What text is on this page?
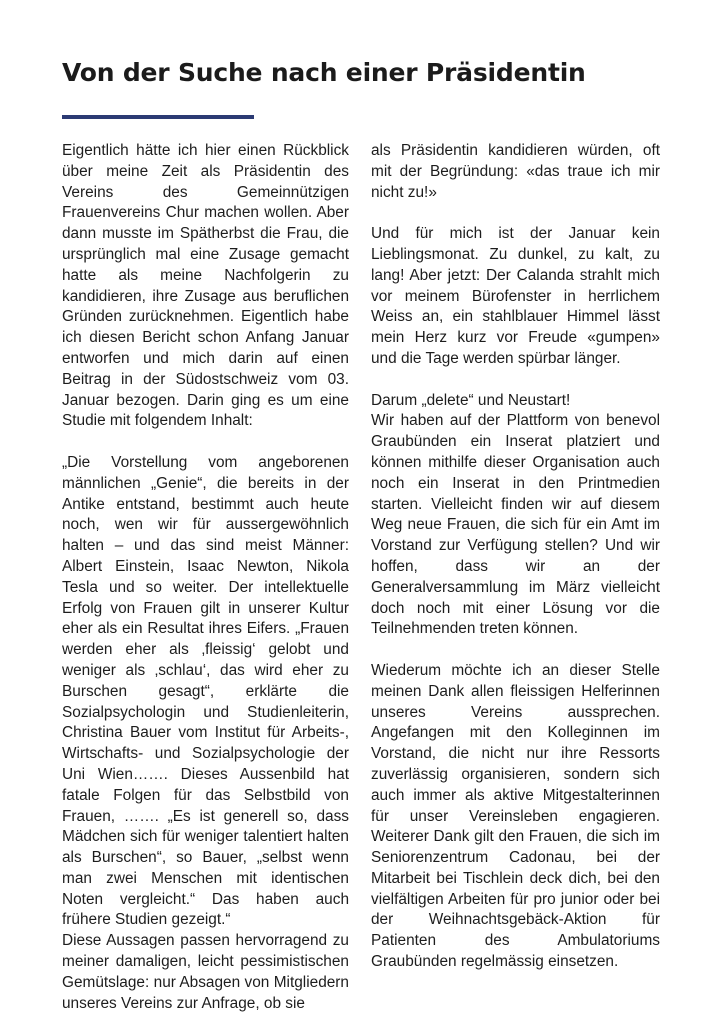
Von der Suche nach einer Präsidentin

Eigentlich hätte ich hier einen Rückblick über meine Zeit als Präsidentin des Vereins des Gemeinnützigen Frauenvereins Chur machen wollen. Aber dann musste im Spätherbst die Frau, die ursprünglich mal eine Zusage gemacht hatte als meine Nachfolgerin zu kandidieren, ihre Zusage aus beruflichen Gründen zurücknehmen. Eigentlich habe ich diesen Bericht schon Anfang Januar entworfen und mich darin auf einen Beitrag in der Südostschweiz vom 03. Januar bezogen. Darin ging es um eine Studie mit folgendem Inhalt:

„Die Vorstellung vom angeborenen männlichen „Genie“, die bereits in der Antike entstand, bestimmt auch heute noch, wen wir für aussergewöhnlich halten – und das sind meist Männer: Albert Einstein, Isaac Newton, Nikola Tesla und so weiter. Der intellektuelle Erfolg von Frauen gilt in unserer Kultur eher als ein Resultat ihres Eifers. „Frauen werden eher als ‚fleissig‘ gelobt und weniger als ‚schlau‘, das wird eher zu Burschen gesagt“, erklärte die Sozialpsychologin und Studienleiterin, Christina Bauer vom Institut für Arbeits-, Wirtschafts- und Sozialpsychologie der Uni Wien……. Dieses Aussenbild hat fatale Folgen für das Selbstbild von Frauen, ……. „Es ist generell so, dass Mädchen sich für weniger talentiert halten als Burschen“, so Bauer, „selbst wenn man zwei Menschen mit identischen Noten vergleicht.“ Das haben auch frühere Studien gezeigt.“

Diese Aussagen passen hervorragend zu meiner damaligen, leicht pessimistischen Gemütslage: nur Absagen von Mitgliedern unseres Vereins zur Anfrage, ob sie

als Präsidentin kandidieren würden, oft mit der Begründung: «das traue ich mir nicht zu!»

Und für mich ist der Januar kein Lieblingsmonat. Zu dunkel, zu kalt, zu lang! Aber jetzt: Der Calanda strahlt mich vor meinem Bürofenster in herrlichem Weiss an, ein stahlblauer Himmel lässt mein Herz kurz vor Freude «gumpen» und die Tage werden spürbar länger.

Darum „delete“ und Neustart!

Wir haben auf der Plattform von benevol Graubünden ein Inserat platziert und können mithilfe dieser Organisation auch noch ein Inserat in den Printmedien starten. Vielleicht finden wir auf diesem Weg neue Frauen, die sich für ein Amt im Vorstand zur Verfügung stellen? Und wir hoffen, dass wir an der Generalversammlung im März vielleicht doch noch mit einer Lösung vor die Teilnehmenden treten können.

Wiederum möchte ich an dieser Stelle meinen Dank allen fleissigen Helferinnen unseres Vereins aussprechen. Angefangen mit den Kolleginnen im Vorstand, die nicht nur ihre Ressorts zuverlässig organisieren, sondern sich auch immer als aktive Mitgestalterinnen für unser Vereinsleben engagieren. Weiterer Dank gilt den Frauen, die sich im Seniorenzentrum Cadonau, bei der Mitarbeit bei Tischlein deck dich, bei den vielfältigen Arbeiten für pro junior oder bei der Weihnachtsgebäck-Aktion für Patienten des Ambulatoriums Graubünden regelmässig einsetzen.
